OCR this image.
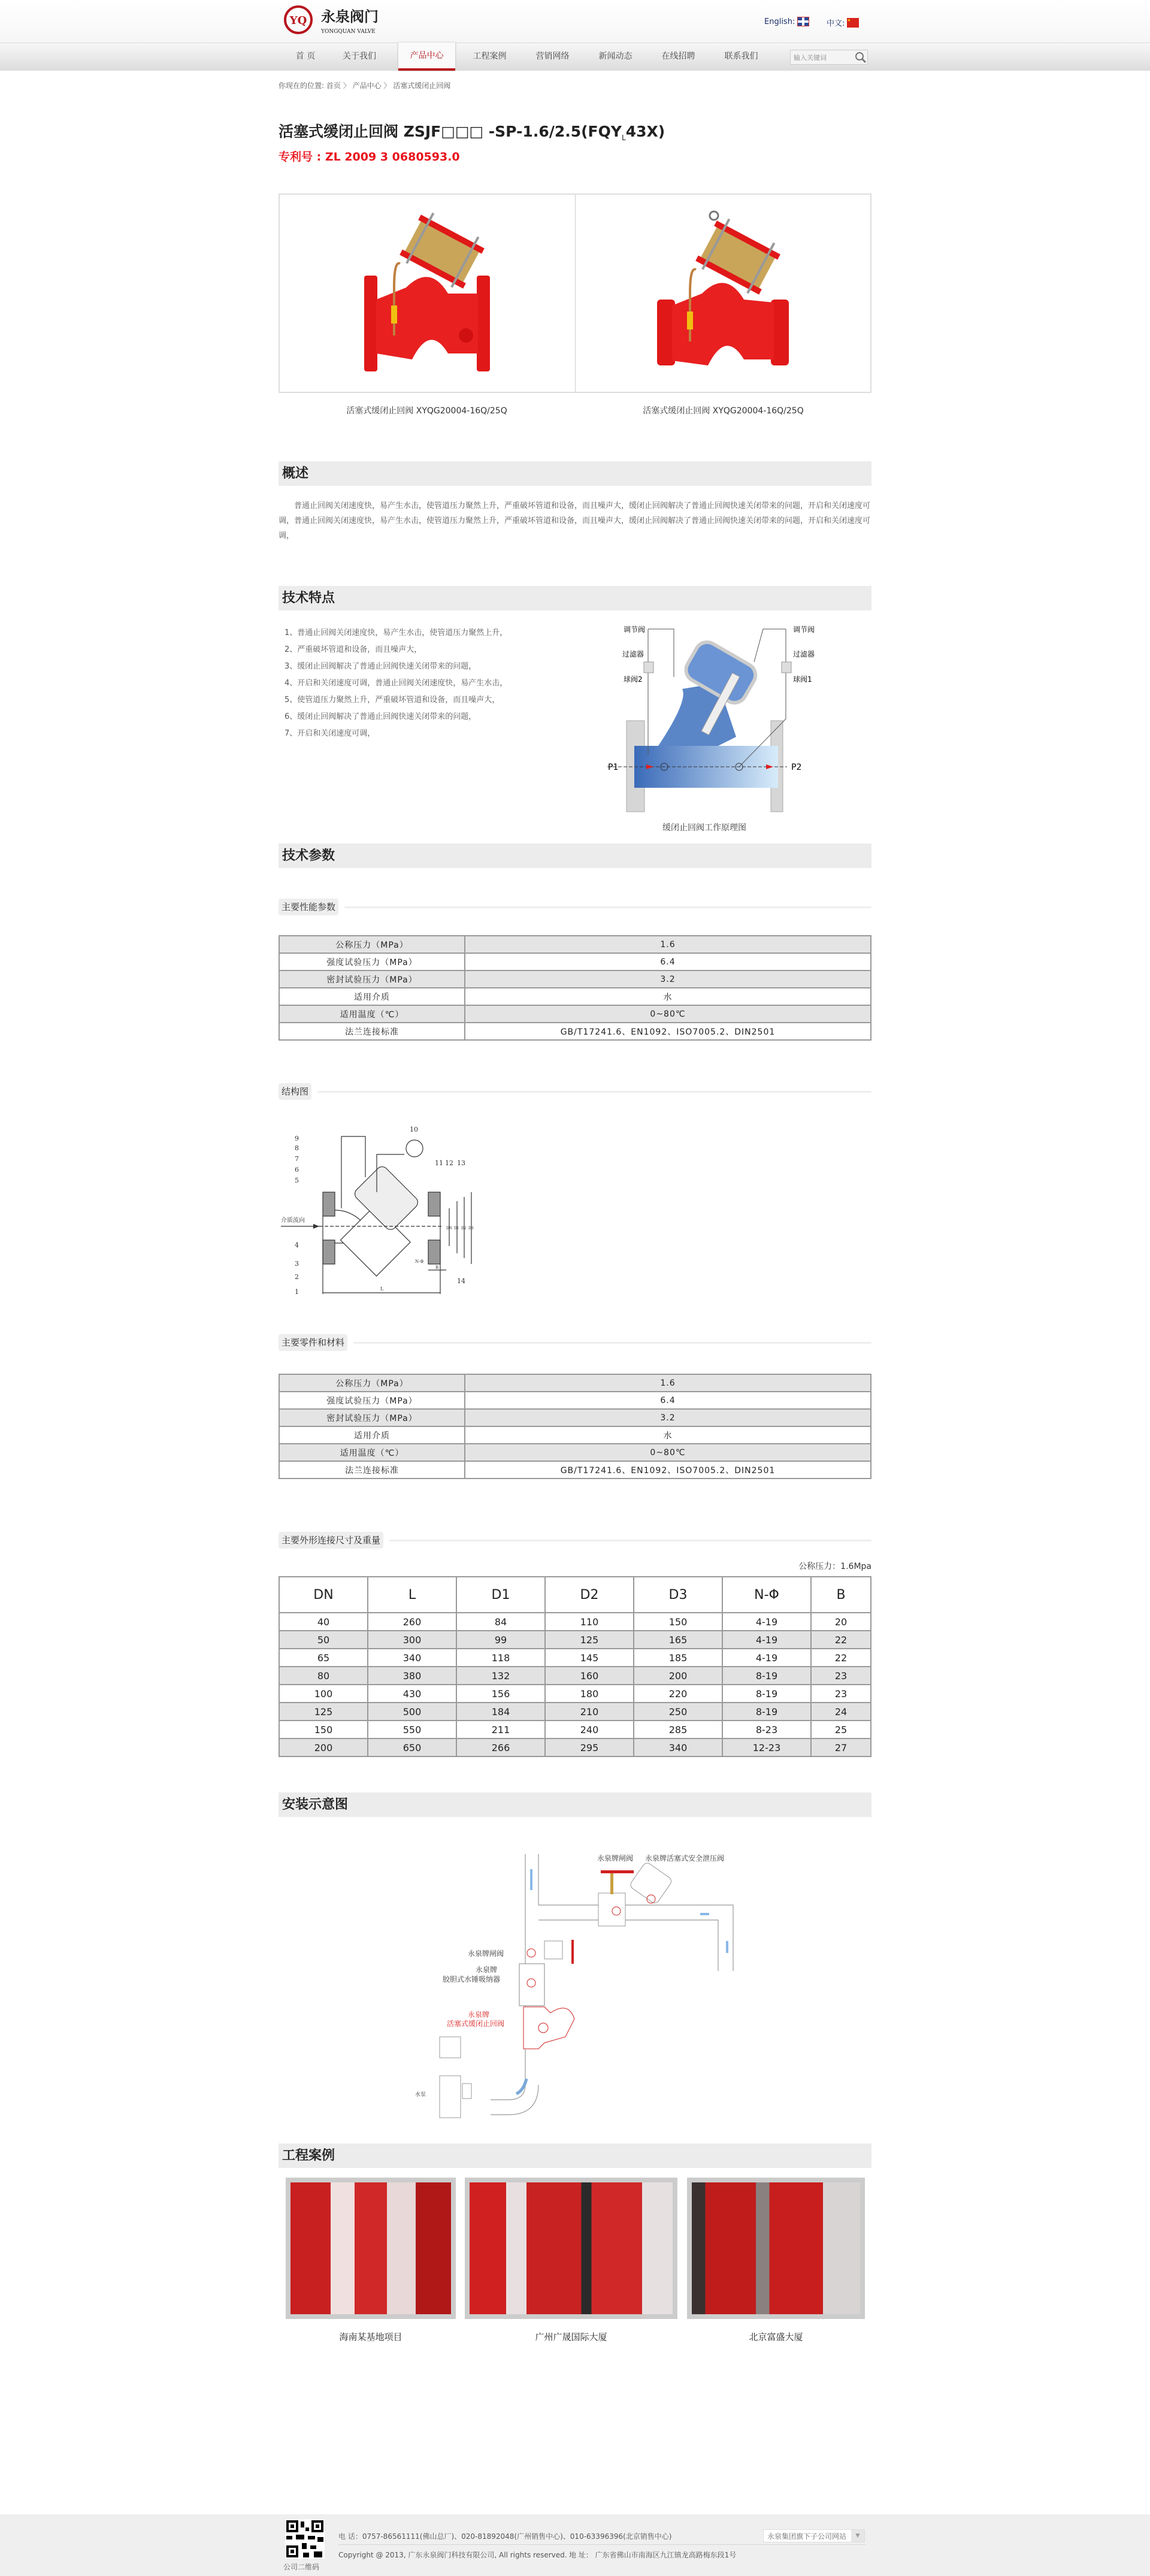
YQ 永泉阀门
YONGQUAN VALVE
English:	中文: ★
首 页	关于我们	产品中心	工程案例	营销网络	新闻动态	在线招聘	联系我们	输入关键词
你现在的位置: 首页 〉 产品中心 〉 活塞式缓闭止回阀
活塞式缓闭止回阀 ZSJF□□□ $-SP-1.6/2.5(FQY_L43X)$
专利号 : ZL 2009 3 0680593.0
活塞式缓闭止回阀 XYQG20004-16Q/25Q	活塞式缓闭止回阀 XYQG20004-16Q/25Q
概述
普通止回阀关闭速度快，易产生水击，使管道压力聚然上升，严重破坏管道和设备，而且噪声大，缓闭止回阀解决了普通止回阀快速关闭带来的问题，开启和关闭速度可调，普通止回阀关闭速度快，易产生水击，使管道压力聚然上升，严重破坏管道和设备，而且噪声大，缓闭止回阀解决了普通止回阀快速关闭带来的问题，开启和关闭速度可调，
技术特点
1、普通止回阀关闭速度快，易产生水击，使管道压力聚然上升，
2、严重破坏管道和设备，而且噪声大，
3、缓闭止回阀解决了普通止回阀快速关闭带来的问题，
4、开启和关闭速度可调，普通止回阀关闭速度快，易产生水击，
5、使管道压力聚然上升，严重破坏管道和设备，而且噪声大，
6、缓闭止回阀解决了普通止回阀快速关闭带来的问题，
7、开启和关闭速度可调，
调节阀
过滤器
球阀2
调节阀
过滤器
球阀1
P1	P2
缓闭止回阀工作原理图
技术参数
主要性能参数
公称压力（MPa）	1.6
强度试验压力（MPa）	6.4
密封试验压力（MPa）	3.2
适用介质	水
适用温度（℃）	0~80℃
法兰连接标准	GB/T17241.6、EN1092、ISO7005.2、DIN2501
结构图
1
2
3
4
5
6
7
8
9
10
11 12 13
14
L
B
N-Φ
DN D1 D2 D3
介质流向
主要零件和材料
公称压力（MPa）	1.6
强度试验压力（MPa）	6.4
密封试验压力（MPa）	3.2
适用介质	水
适用温度（℃）	0~80℃
法兰连接标准	GB/T17241.6、EN1092、ISO7005.2、DIN2501
主要外形连接尺寸及重量
公称压力：1.6Mpa
DN	L	D1	D2	D3	N-Φ	B
40	260	84	110	150	4-19	20
50	300	99	125	165	4-19	22
65	340	118	145	185	4-19	22
80	380	132	160	200	8-19	23
100	430	156	180	220	8-19	23
125	500	184	210	250	8-19	24
150	550	211	240	285	8-23	25
200	650	266	295	340	12-23	27
安装示意图
永泉牌闸阀 永泉牌活塞式安全泄压阀
永泉牌闸阀
永泉牌
胶胆式水锤吸纳器
永泉牌
活塞式缓闭止回阀
水泵
工程案例
海南某基地项目	广州广晟国际大厦	北京富盛大厦
公司二维码
电 话：0757-86561111(佛山总厂)、020-81892048(广州销售中心)、010-63396396(北京销售中心)
Copyright @ 2013, 广东永泉阀门科技有限公司, All rights reserved. 地 址： 广东省佛山市南海区九江镇龙高路梅东段1号
永泉集团旗下子公司网站	▼
